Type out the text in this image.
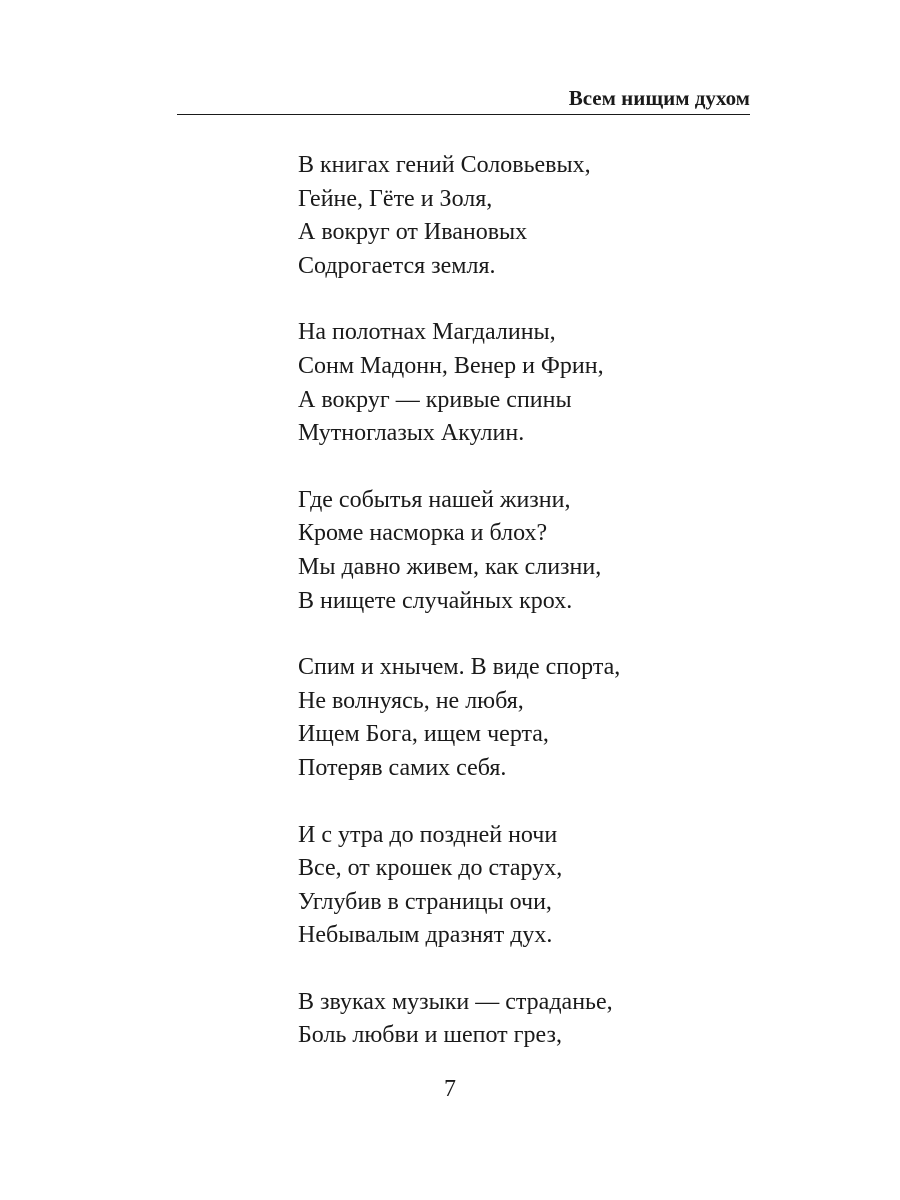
Всем нищим духом
В книгах гений Соловьевых,
Гейне, Гёте и Золя,
А вокруг от Ивановых
Содрогается земля.
На полотнах Магдалины,
Сонм Мадонн, Венер и Фрин,
А вокруг — кривые спины
Мутноглазых Акулин.
Где событья нашей жизни,
Кроме насморка и блох?
Мы давно живем, как слизни,
В нищете случайных крох.
Спим и хнычем. В виде спорта,
Не волнуясь, не любя,
Ищем Бога, ищем черта,
Потеряв самих себя.
И с утра до поздней ночи
Все, от крошек до старух,
Углубив в страницы очи,
Небывалым дразнят дух.
В звуках музыки — страданье,
Боль любви и шепот грез,
7
